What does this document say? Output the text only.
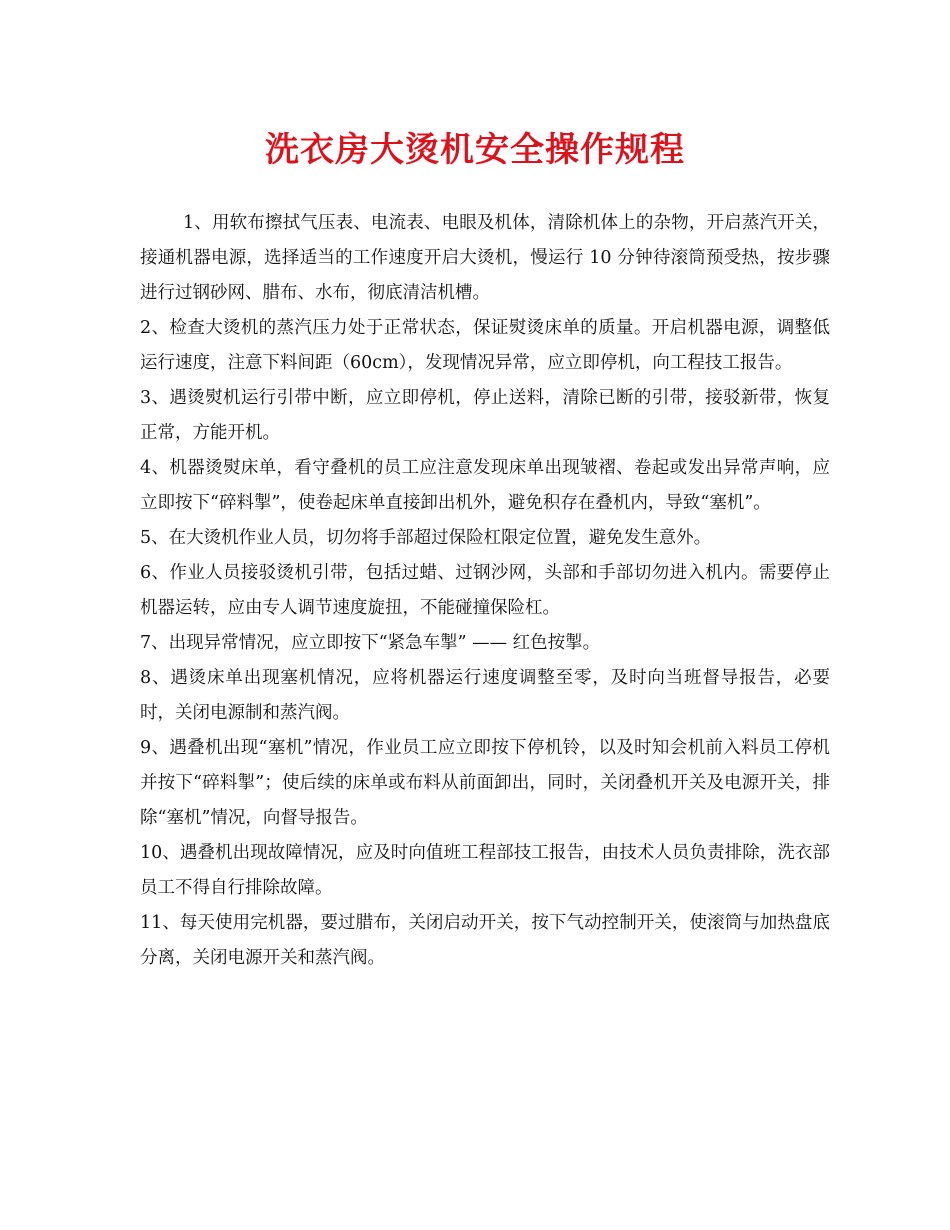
洗衣房大烫机安全操作规程

1、用软布擦拭气压表、电流表、电眼及机体，清除机体上的杂物，开启蒸汽开关，接通机器电源，选择适当的工作速度开启大烫机，慢运行 10 分钟待滚筒预受热，按步骤进行过钢砂网、腊布、水布，彻底清洁机槽。

2、检查大烫机的蒸汽压力处于正常状态，保证熨烫床单的质量。开启机器电源，调整低运行速度，注意下料间距（60cm），发现情况异常，应立即停机，向工程技工报告。

3、遇烫熨机运行引带中断，应立即停机，停止送料，清除已断的引带，接驳新带，恢复正常，方能开机。

4、机器烫熨床单，看守叠机的员工应注意发现床单出现皱褶、卷起或发出异常声响，应立即按下“碎料掣”，使卷起床单直接卸出机外，避免积存在叠机内，导致“塞机”。

5、在大烫机作业人员，切勿将手部超过保险杠限定位置，避免发生意外。

6、作业人员接驳烫机引带，包括过蜡、过钢沙网，头部和手部切勿进入机内。需要停止机器运转，应由专人调节速度旋扭，不能碰撞保险杠。

7、出现异常情况，应立即按下“紧急车掣” —— 红色按掣。

8、遇烫床单出现塞机情况，应将机器运行速度调整至零，及时向当班督导报告，必要时，关闭电源制和蒸汽阀。

9、遇叠机出现“塞机”情况，作业员工应立即按下停机铃，以及时知会机前入料员工停机并按下“碎料掣”；使后续的床单或布料从前面卸出，同时，关闭叠机开关及电源开关，排除“塞机”情况，向督导报告。

10、遇叠机出现故障情况，应及时向值班工程部技工报告，由技术人员负责排除，洗衣部员工不得自行排除故障。

11、每天使用完机器，要过腊布，关闭启动开关，按下气动控制开关，使滚筒与加热盘底分离，关闭电源开关和蒸汽阀。
